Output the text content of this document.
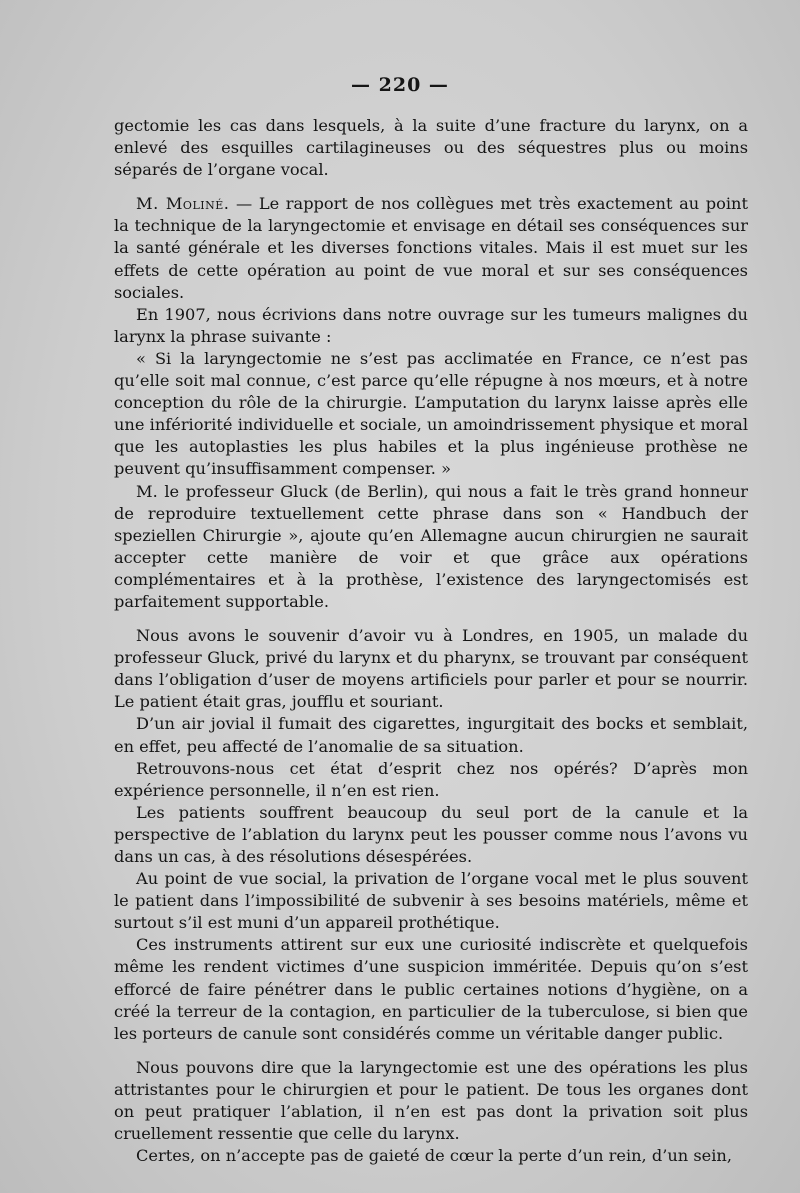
— 220 —

gectomie les cas dans lesquels, à la suite d’une fracture du larynx, on a enlevé des esquilles cartilagineuses ou des séquestres plus ou moins séparés de l’organe vocal.

M. Moliné. — Le rapport de nos collègues met très exactement au point la technique de la laryngectomie et envisage en détail ses conséquences sur la santé générale et les diverses fonctions vitales. Mais il est muet sur les effets de cette opération au point de vue moral et sur ses conséquences sociales.

En 1907, nous écrivions dans notre ouvrage sur les tumeurs malignes du larynx la phrase suivante :

« Si la laryngectomie ne s’est pas acclimatée en France, ce n’est pas qu’elle soit mal connue, c’est parce qu’elle répugne à nos mœurs, et à notre conception du rôle de la chirurgie. L’amputation du larynx laisse après elle une infériorité individuelle et sociale, un amoindrissement physique et moral que les autoplasties les plus habiles et la plus ingénieuse prothèse ne peuvent qu’insuffisamment compenser. »

M. le professeur Gluck (de Berlin), qui nous a fait le très grand honneur de reproduire textuellement cette phrase dans son « Handbuch der speziellen Chirurgie », ajoute qu’en Allemagne aucun chirurgien ne saurait accepter cette manière de voir et que grâce aux opérations complémentaires et à la prothèse, l’existence des laryngectomisés est parfaitement supportable.

Nous avons le souvenir d’avoir vu à Londres, en 1905, un malade du professeur Gluck, privé du larynx et du pharynx, se trouvant par conséquent dans l’obligation d’user de moyens artificiels pour parler et pour se nourrir. Le patient était gras, joufflu et souriant.

D’un air jovial il fumait des cigarettes, ingurgitait des bocks et semblait, en effet, peu affecté de l’anomalie de sa situation.

Retrouvons-nous cet état d’esprit chez nos opérés? D’après mon expérience personnelle, il n’en est rien.

Les patients souffrent beaucoup du seul port de la canule et la perspective de l’ablation du larynx peut les pousser comme nous l’avons vu dans un cas, à des résolutions désespérées.

Au point de vue social, la privation de l’organe vocal met le plus souvent le patient dans l’impossibilité de subvenir à ses besoins matériels, même et surtout s’il est muni d’un appareil prothétique.

Ces instruments attirent sur eux une curiosité indiscrète et quelquefois même les rendent victimes d’une suspicion imméritée. Depuis qu’on s’est efforcé de faire pénétrer dans le public certaines notions d’hygiène, on a créé la terreur de la contagion, en particulier de la tuberculose, si bien que les porteurs de canule sont considérés comme un véritable danger public.

Nous pouvons dire que la laryngectomie est une des opérations les plus attristantes pour le chirurgien et pour le patient. De tous les organes dont on peut pratiquer l’ablation, il n’en est pas dont la privation soit plus cruellement ressentie que celle du larynx.

Certes, on n’accepte pas de gaieté de cœur la perte d’un rein, d’un sein,
